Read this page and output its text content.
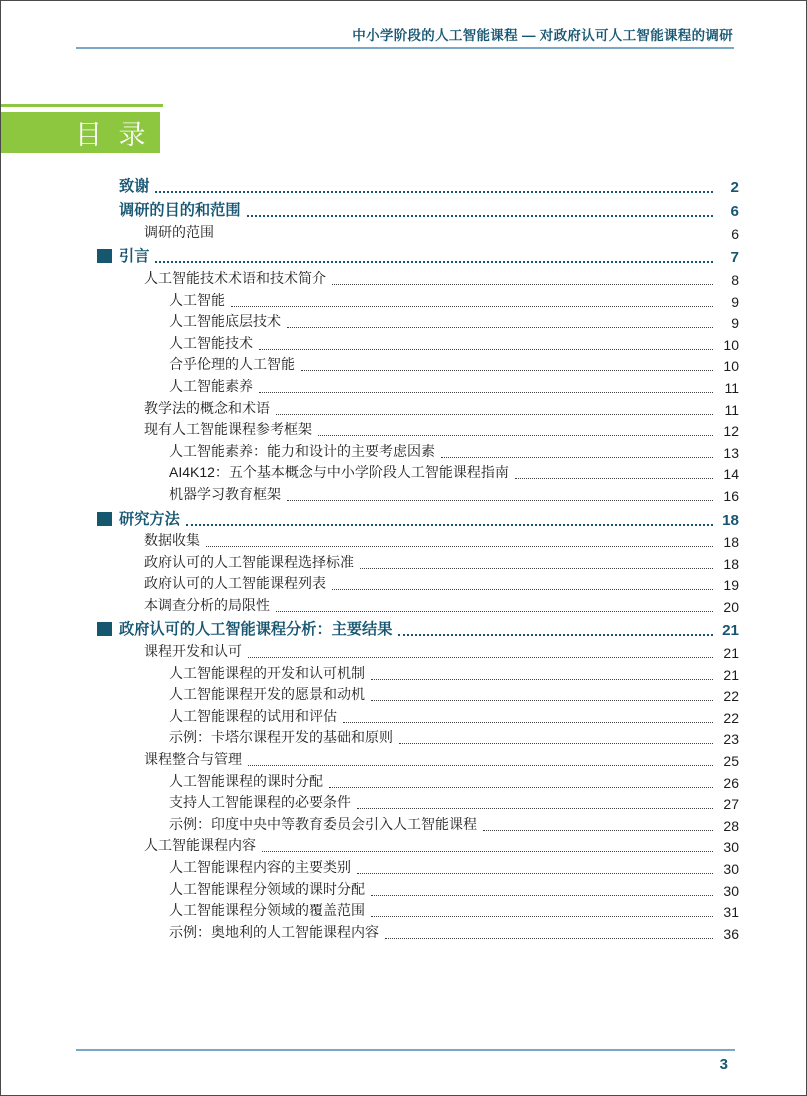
中小学阶段的人工智能课程 — 对政府认可人工智能课程的调研
目 录
致谢	2
调研的目的和范围	6
调研的范围	6
引言	7
人工智能技术术语和技术简介	8
人工智能	9
人工智能底层技术	9
人工智能技术	10
合乎伦理的人工智能	10
人工智能素养	11
教学法的概念和术语	11
现有人工智能课程参考框架	12
人工智能素养：能力和设计的主要考虑因素	13
AI4K12：五个基本概念与中小学阶段人工智能课程指南	14
机器学习教育框架	16
研究方法	18
数据收集	18
政府认可的人工智能课程选择标准	18
政府认可的人工智能课程列表	19
本调查分析的局限性	20
政府认可的人工智能课程分析：主要结果	21
课程开发和认可	21
人工智能课程的开发和认可机制	21
人工智能课程开发的愿景和动机	22
人工智能课程的试用和评估	22
示例：卡塔尔课程开发的基础和原则	23
课程整合与管理	25
人工智能课程的课时分配	26
支持人工智能课程的必要条件	27
示例：印度中央中等教育委员会引入人工智能课程	28
人工智能课程内容	30
人工智能课程内容的主要类别	30
人工智能课程分领域的课时分配	30
人工智能课程分领域的覆盖范围	31
示例：奥地利的人工智能课程内容	36
3
